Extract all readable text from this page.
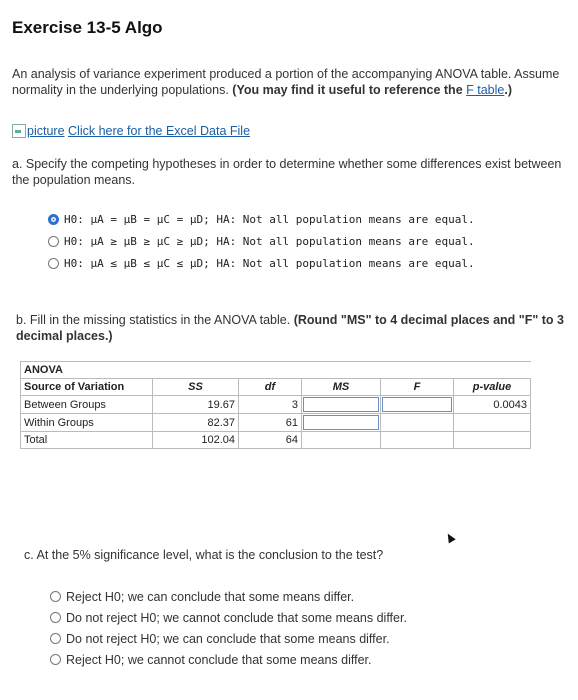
Exercise 13-5 Algo
An analysis of variance experiment produced a portion of the accompanying ANOVA table. Assume normality in the underlying populations. (You may find it useful to reference the F table.)
picture
Click here for the Excel Data File
a. Specify the competing hypotheses in order to determine whether some differences exist between the population means.
H0: μA = μB = μC = μD; HA: Not all population means are equal.
H0: μA ≥ μB ≥ μC ≥ μD; HA: Not all population means are equal.
H0: μA ≤ μB ≤ μC ≤ μD; HA: Not all population means are equal.
b. Fill in the missing statistics in the ANOVA table. (Round "MS" to 4 decimal places and "F" to 3 decimal places.)
ANOVA					
Source of Variation	SS	df	MS	F	p-value
Between Groups	19.67	3			0.0043
Within Groups	82.37	61			
Total	102.04	64			
c. At the 5% significance level, what is the conclusion to the test?
Reject H0; we can conclude that some means differ.
Do not reject H0; we cannot conclude that some means differ.
Do not reject H0; we can conclude that some means differ.
Reject H0; we cannot conclude that some means differ.
